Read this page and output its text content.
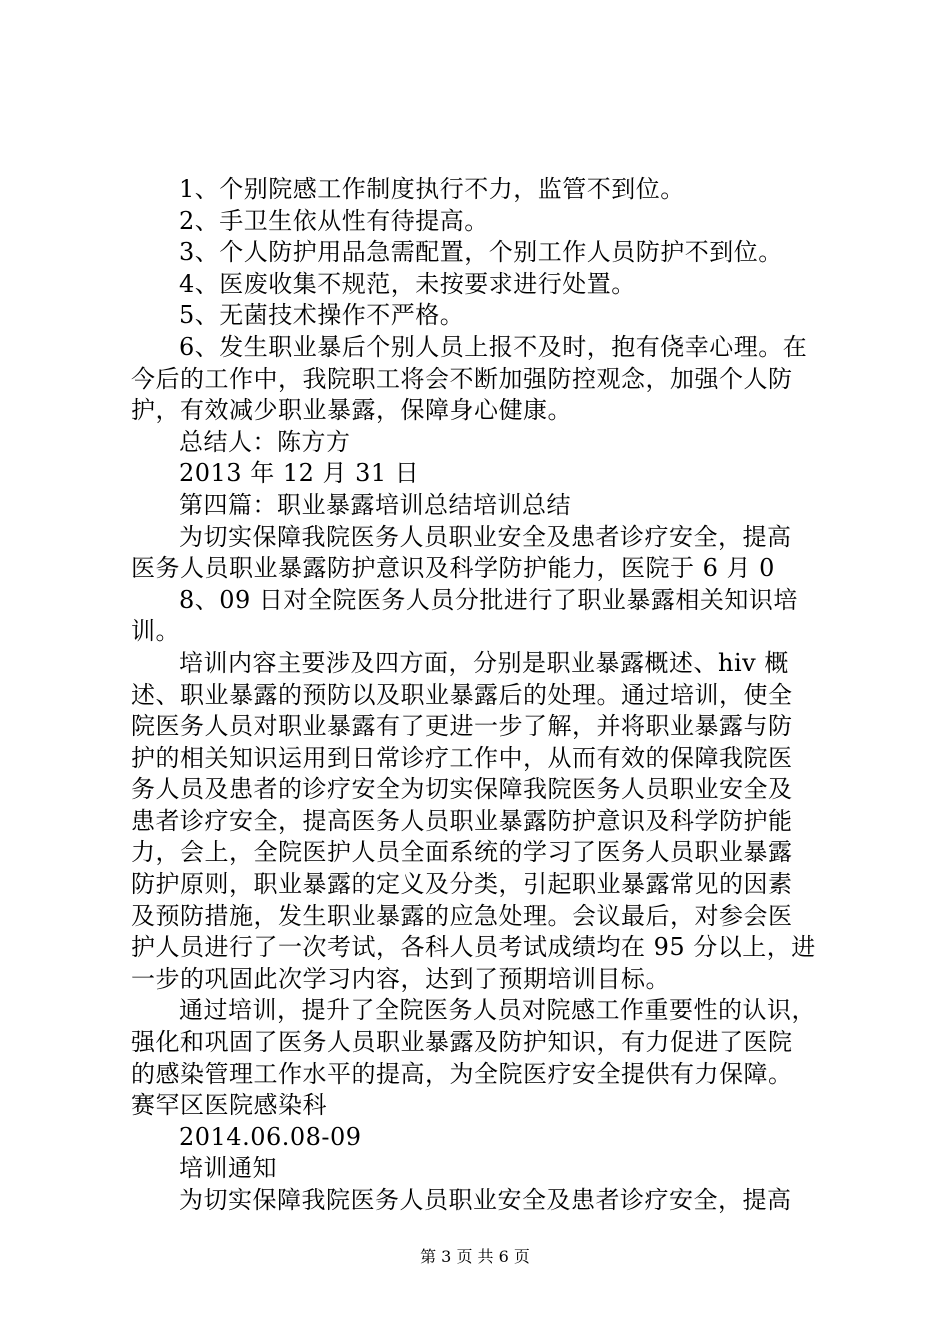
1、个别院感工作制度执行不力，监管不到位。
2、手卫生依从性有待提高。
3、个人防护用品急需配置，个别工作人员防护不到位。
4、医废收集不规范，未按要求进行处置。
5、无菌技术操作不严格。
6、发生职业暴后个别人员上报不及时，抱有侥幸心理。在
今后的工作中，我院职工将会不断加强防控观念，加强个人防
护，有效减少职业暴露，保障身心健康。
总结人：陈方方
2013 年 12 月 31 日
第四篇：职业暴露培训总结培训总结
为切实保障我院医务人员职业安全及患者诊疗安全，提高
医务人员职业暴露防护意识及科学防护能力，医院于 6 月 0
8、09 日对全院医务人员分批进行了职业暴露相关知识培
训。
培训内容主要涉及四方面，分别是职业暴露概述、hiv 概
述、职业暴露的预防以及职业暴露后的处理。通过培训，使全
院医务人员对职业暴露有了更进一步了解，并将职业暴露与防
护的相关知识运用到日常诊疗工作中，从而有效的保障我院医
务人员及患者的诊疗安全为切实保障我院医务人员职业安全及
患者诊疗安全，提高医务人员职业暴露防护意识及科学防护能
力，会上，全院医护人员全面系统的学习了医务人员职业暴露
防护原则，职业暴露的定义及分类，引起职业暴露常见的因素
及预防措施，发生职业暴露的应急处理。会议最后，对参会医
护人员进行了一次考试，各科人员考试成绩均在 95 分以上，进
一步的巩固此次学习内容，达到了预期培训目标。
通过培训，提升了全院医务人员对院感工作重要性的认识，
强化和巩固了医务人员职业暴露及防护知识，有力促进了医院
的感染管理工作水平的提高，为全院医疗安全提供有力保障。
赛罕区医院感染科
2014.06.08-09
培训通知
为切实保障我院医务人员职业安全及患者诊疗安全，提高
第 3 页 共 6 页
